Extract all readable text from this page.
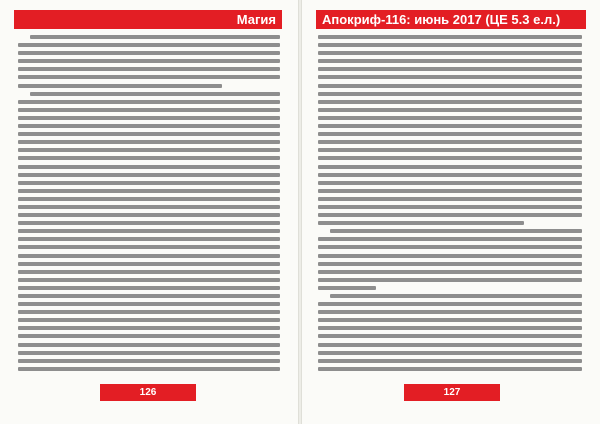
Магия
126
Апокриф-116: июнь 2017 (ЦЕ 5.3 е.л.)
127
